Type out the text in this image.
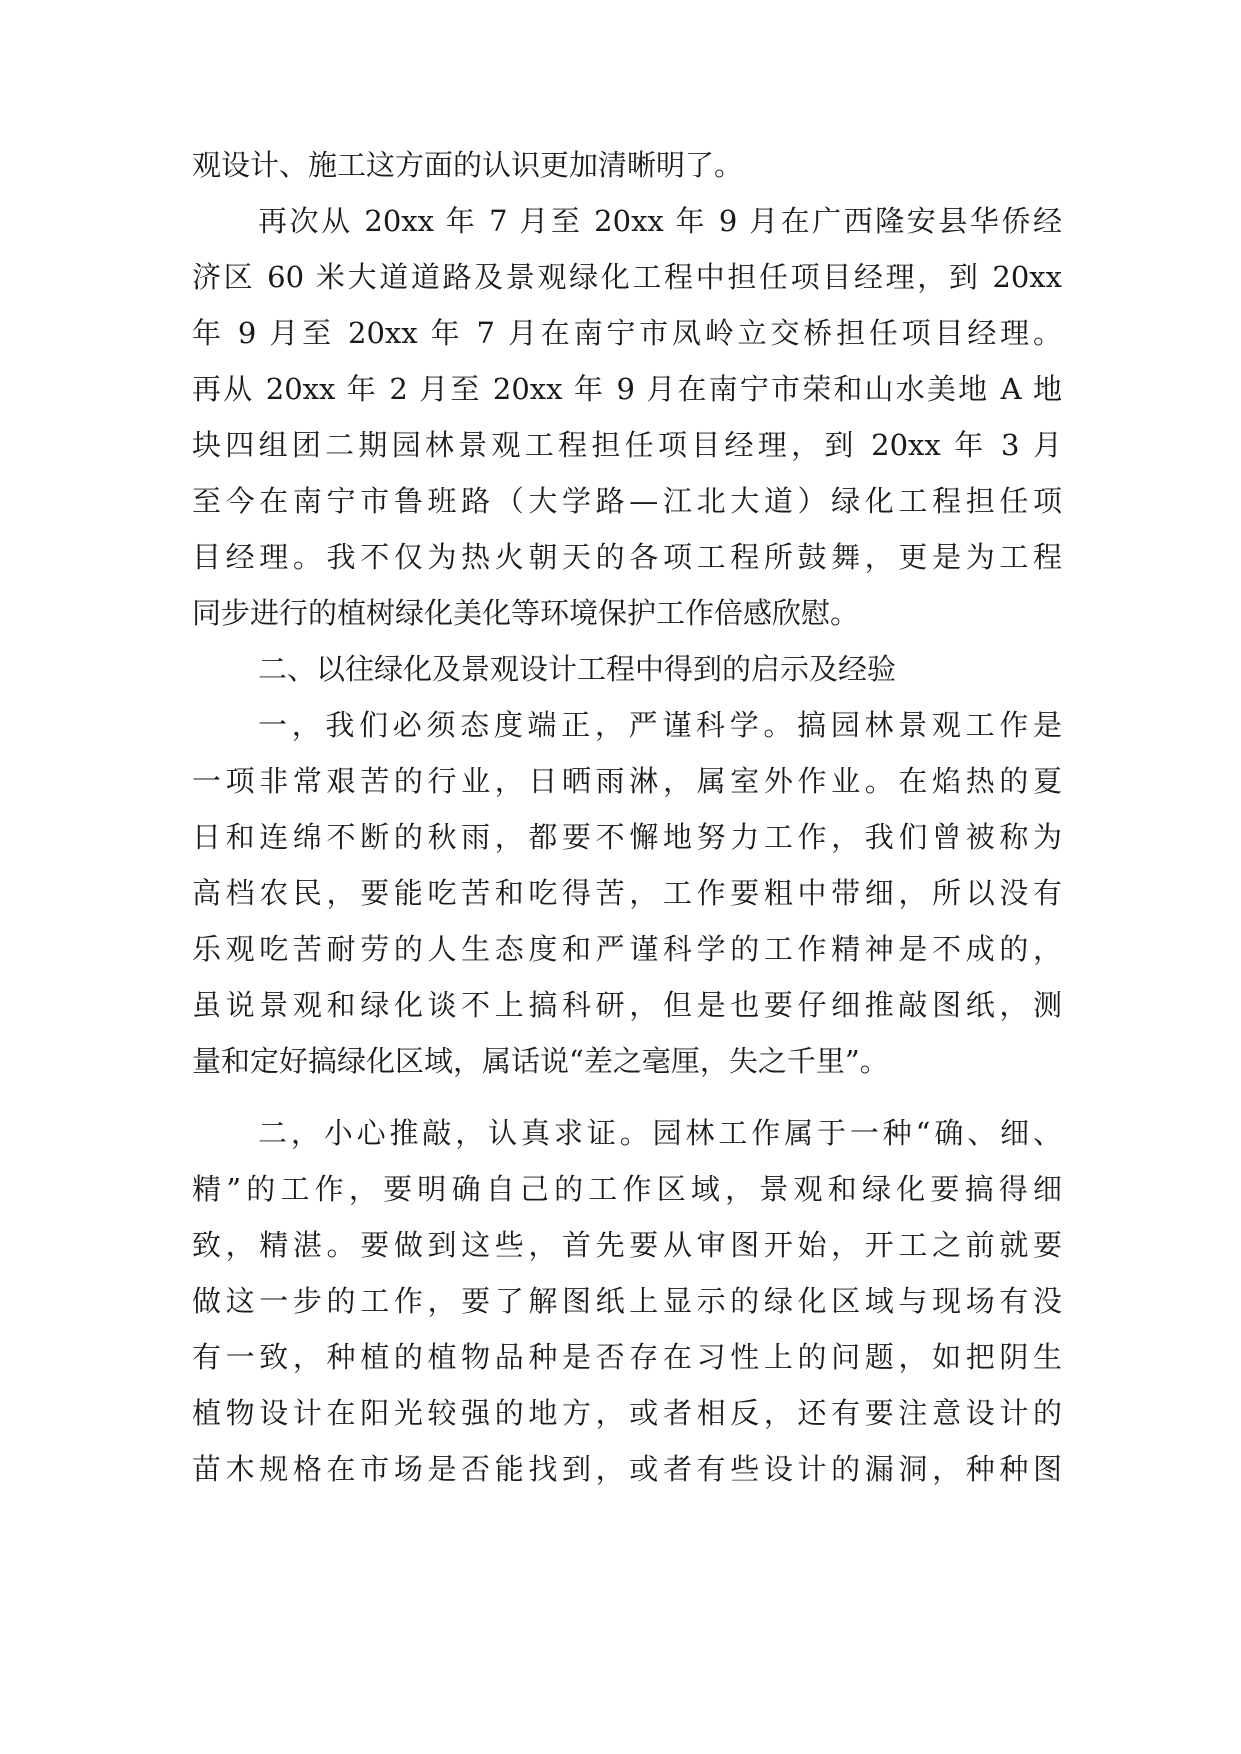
观设计、施工这方面的认识更加清晰明了。
再次从 20xx 年 7 月至 20xx 年 9 月在广西隆安县华侨经
济区 60 米大道道路及景观绿化工程中担任项目经理，到 20xx
年 9 月至 20xx 年 7 月在南宁市凤岭立交桥担任项目经理。
再从 20xx 年 2 月至 20xx 年 9 月在南宁市荣和山水美地 A 地
块四组团二期园林景观工程担任项目经理，到 20xx 年 3 月
至今在南宁市鲁班路（大学路—江北大道）绿化工程担任项
目经理。我不仅为热火朝天的各项工程所鼓舞，更是为工程
同步进行的植树绿化美化等环境保护工作倍感欣慰。
二、以往绿化及景观设计工程中得到的启示及经验
一，我们必须态度端正，严谨科学。搞园林景观工作是
一项非常艰苦的行业，日晒雨淋，属室外作业。在焰热的夏
日和连绵不断的秋雨，都要不懈地努力工作，我们曾被称为
高档农民，要能吃苦和吃得苦，工作要粗中带细，所以没有
乐观吃苦耐劳的人生态度和严谨科学的工作精神是不成的，
虽说景观和绿化谈不上搞科研，但是也要仔细推敲图纸，测
量和定好搞绿化区域，属话说“差之毫厘，失之千里”。
二，小心推敲，认真求证。园林工作属于一种“确、细、
精”的工作，要明确自己的工作区域，景观和绿化要搞得细
致，精湛。要做到这些，首先要从审图开始，开工之前就要
做这一步的工作，要了解图纸上显示的绿化区域与现场有没
有一致，种植的植物品种是否存在习性上的问题，如把阴生
植物设计在阳光较强的地方，或者相反，还有要注意设计的
苗木规格在市场是否能找到，或者有些设计的漏洞，种种图
